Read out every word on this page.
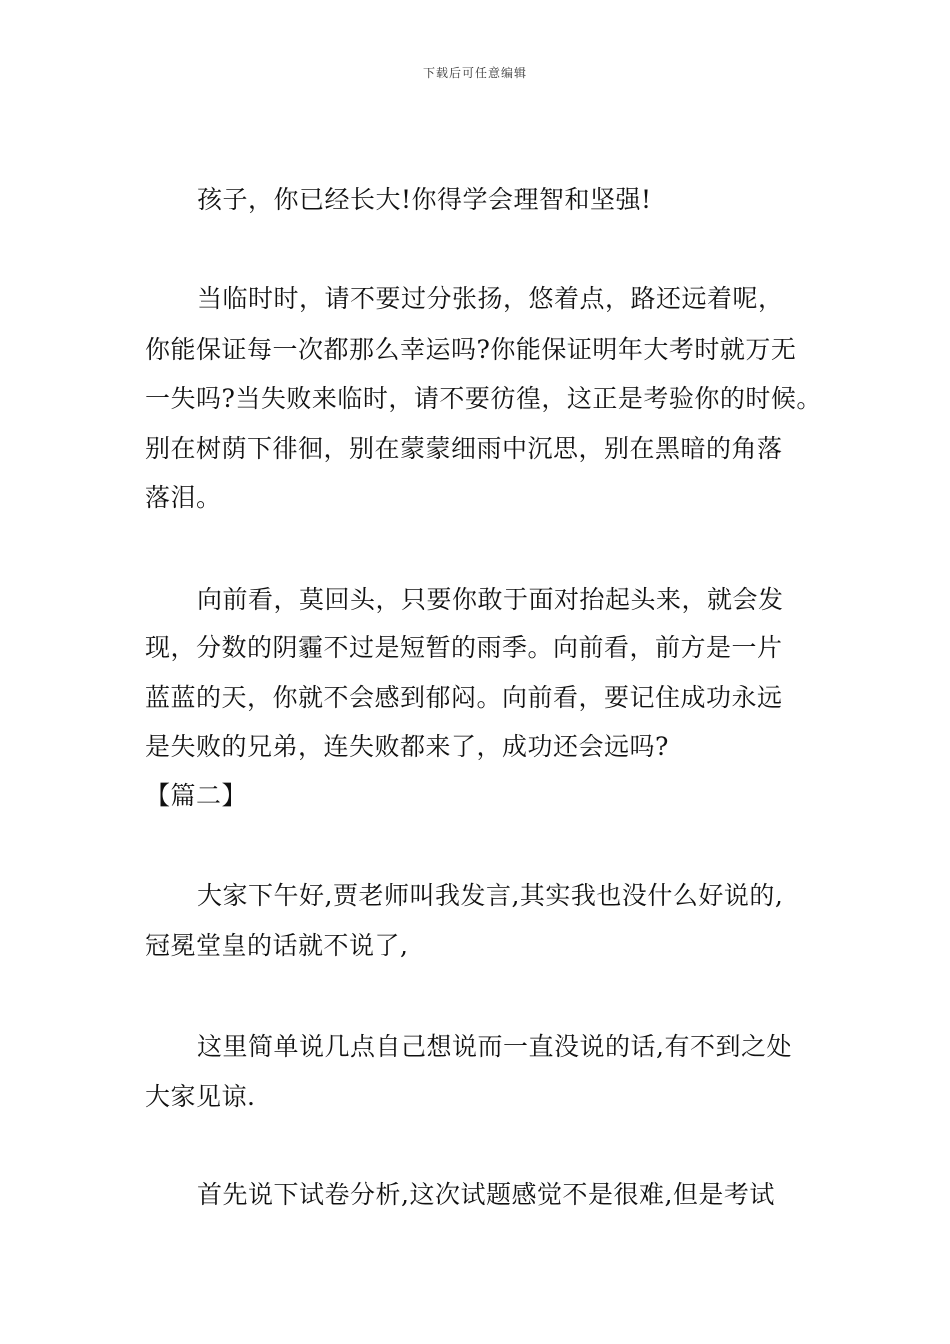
下载后可任意编辑
孩子，你已经长大!你得学会理智和坚强!
当临时时，请不要过分张扬，悠着点，路还远着呢，
你能保证每一次都那么幸运吗?你能保证明年大考时就万无
一失吗?当失败来临时，请不要彷徨，这正是考验你的时候。
别在树荫下徘徊，别在蒙蒙细雨中沉思，别在黑暗的角落
落泪。
向前看，莫回头，只要你敢于面对抬起头来，就会发
现，分数的阴霾不过是短暂的雨季。向前看，前方是一片
蓝蓝的天，你就不会感到郁闷。向前看，要记住成功永远
是失败的兄弟，连失败都来了，成功还会远吗?
【篇二】
大家下午好,贾老师叫我发言,其实我也没什么好说的,
冠冕堂皇的话就不说了,
这里简单说几点自己想说而一直没说的话,有不到之处
大家见谅.
首先说下试卷分析,这次试题感觉不是很难,但是考试
